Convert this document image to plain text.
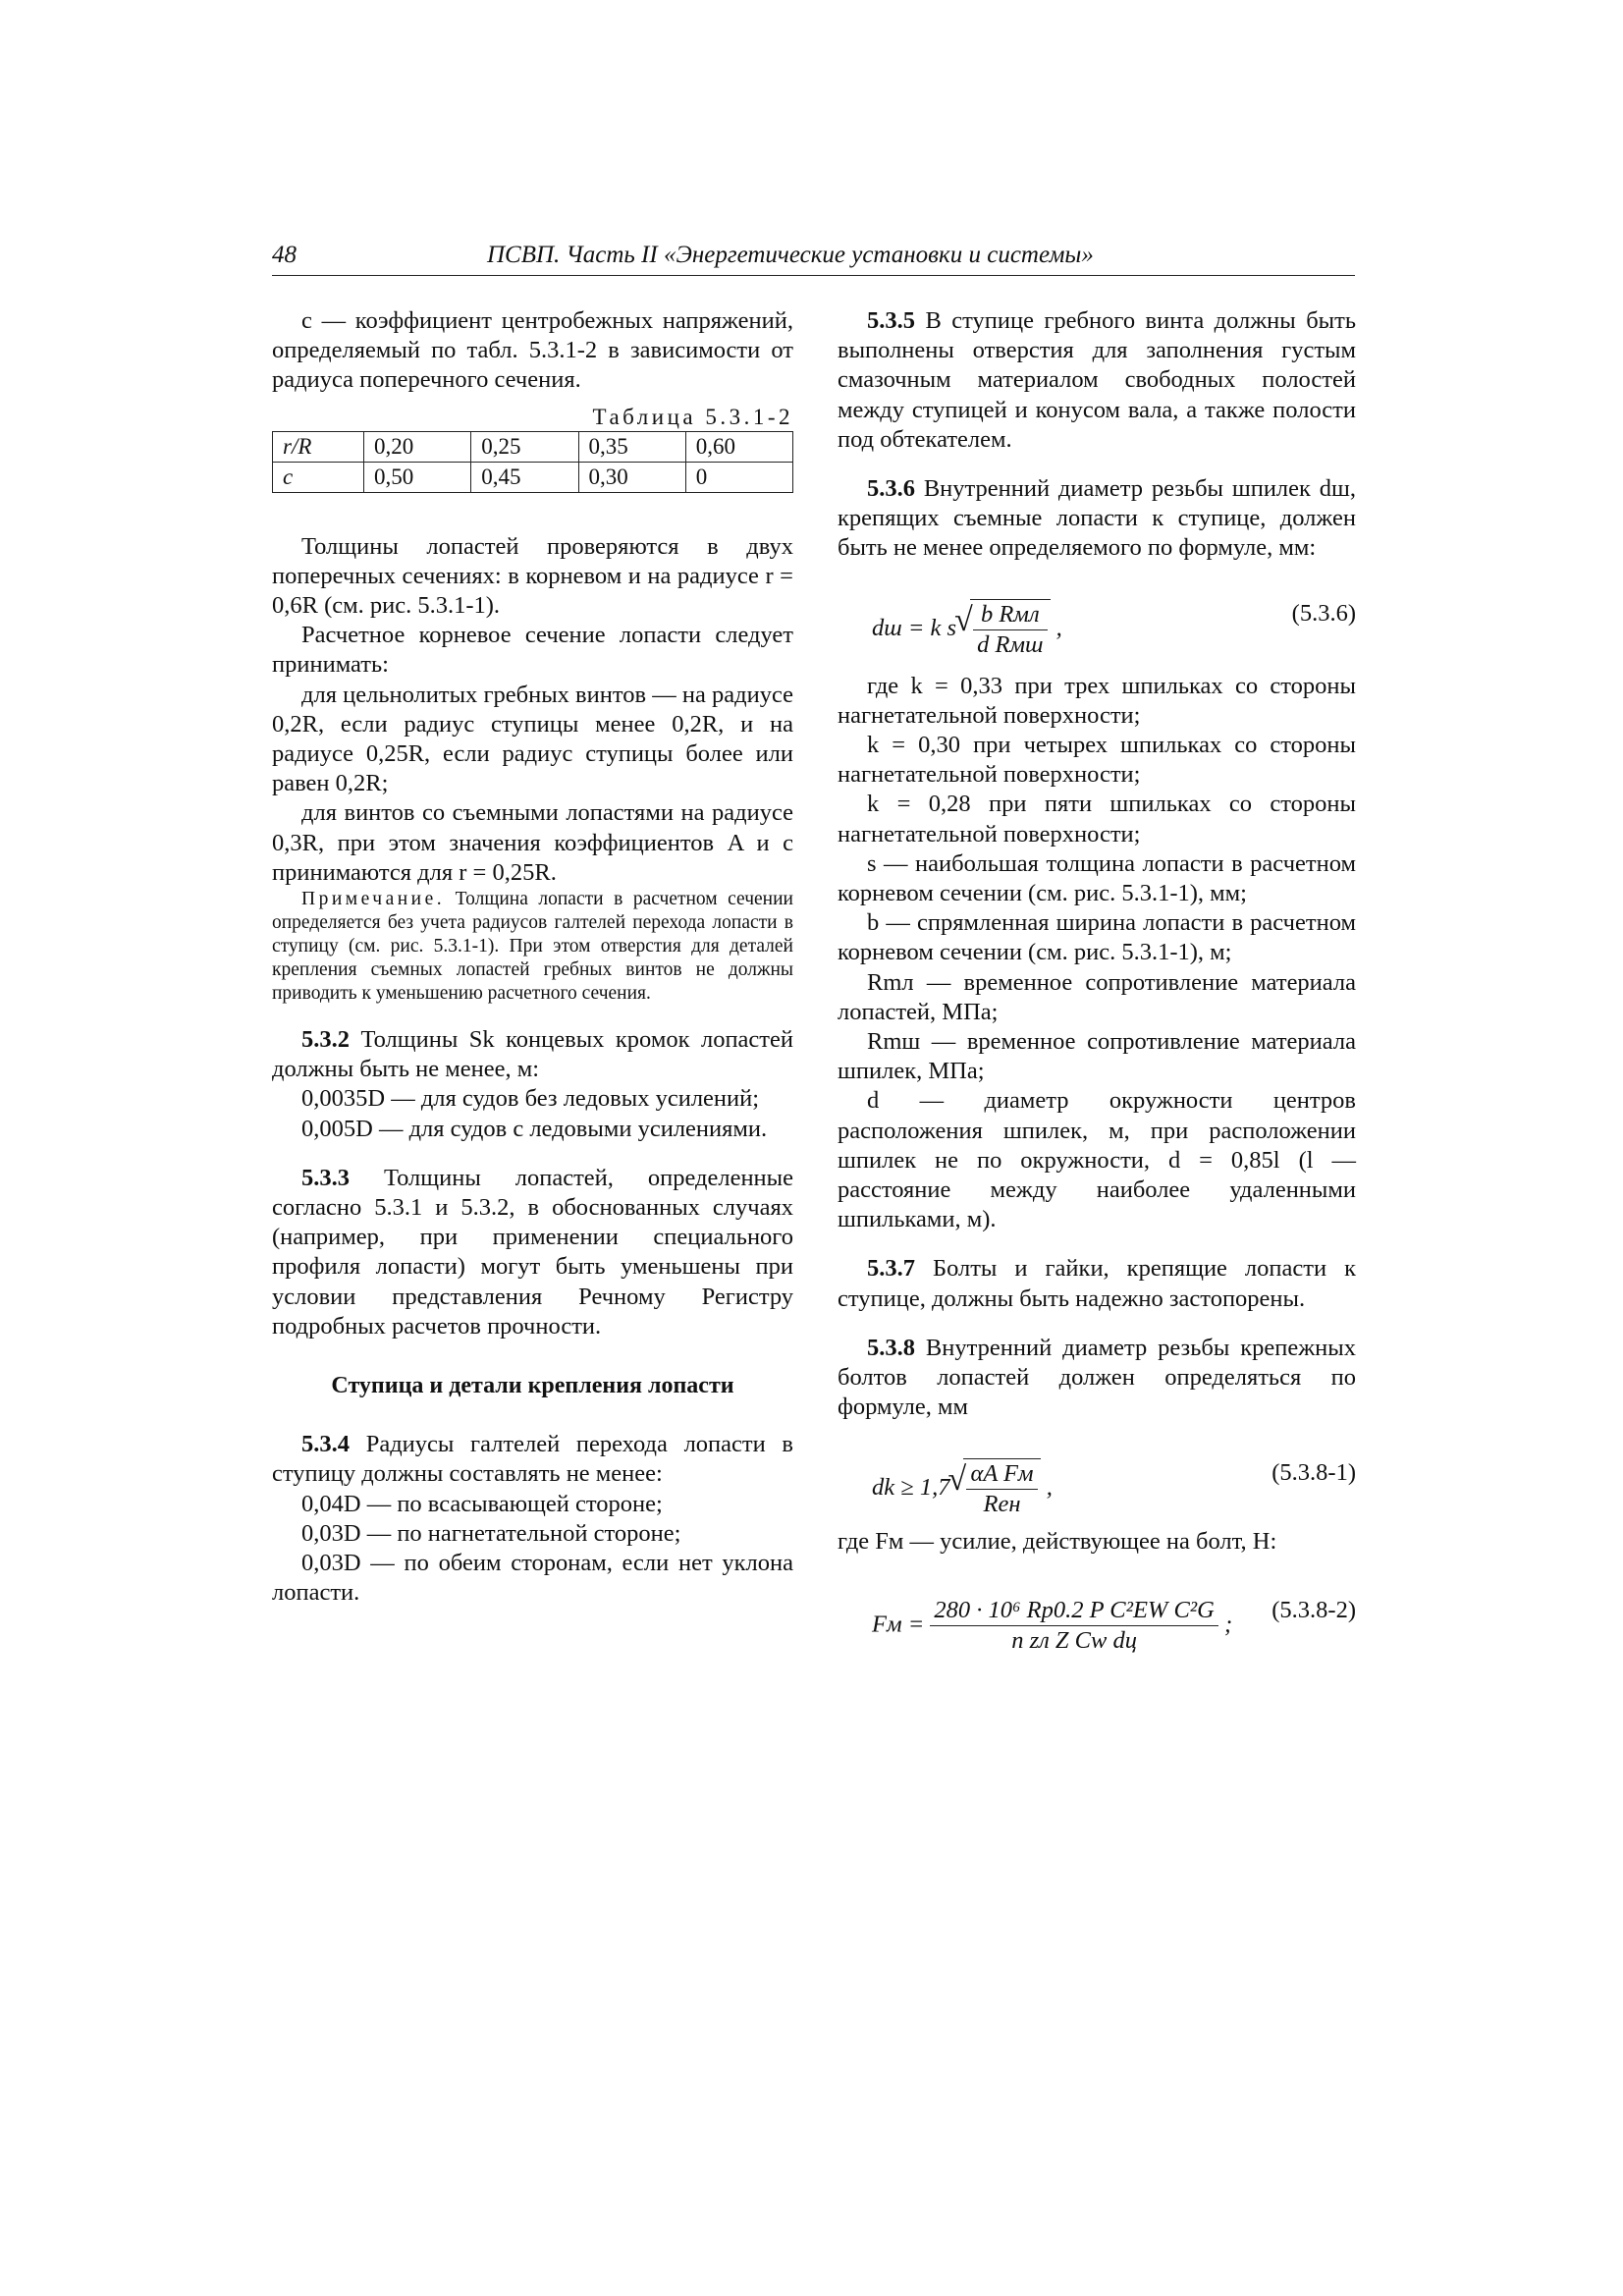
48	ПСВП. Часть II «Энергетические установки и системы»

c — коэффициент центробежных напряжений, определяемый по табл. 5.3.1-2 в зависимости от радиуса поперечного сечения.

Таблица 5.3.1-2
r/R	0,20	0,25	0,35	0,60
c	0,50	0,45	0,30	0

Толщины лопастей проверяются в двух поперечных сечениях: в корневом и на радиусе r = 0,6R (см. рис. 5.3.1-1).

Расчетное корневое сечение лопасти следует принимать:

для цельнолитых гребных винтов — на радиусе 0,2R, если радиус ступицы менее 0,2R, и на радиусе 0,25R, если радиус ступицы более или равен 0,2R;

для винтов со съемными лопастями на радиусе 0,3R, при этом значения коэффициентов A и c принимаются для r = 0,25R.

Примечание. Толщина лопасти в расчетном сечении определяется без учета радиусов галтелей перехода лопасти в ступицу (см. рис. 5.3.1-1). При этом отверстия для деталей крепления съемных лопастей гребных винтов не должны приводить к уменьшению расчетного сечения.

5.3.2 Толщины Sk концевых кромок лопастей должны быть не менее, м:

0,0035D — для судов без ледовых усилений;

0,005D — для судов с ледовыми усилениями.

5.3.3 Толщины лопастей, определенные согласно 5.3.1 и 5.3.2, в обоснованных случаях (например, при применении специального профиля лопасти) могут быть уменьшены при условии представления Речному Регистру подробных расчетов прочности.

Ступица и детали крепления лопасти

5.3.4 Радиусы галтелей перехода лопасти в ступицу должны составлять не менее:

0,04D — по всасывающей стороне;

0,03D — по нагнетательной стороне;

0,03D — по обеим сторонам, если нет уклона лопасти.

5.3.5 В ступице гребного винта должны быть выполнены отверстия для заполнения густым смазочным материалом свободных полостей между ступицей и конусом вала, а также полости под обтекателем.

5.3.6 Внутренний диаметр резьбы шпилек dш, крепящих съемные лопасти к ступице, должен быть не менее определяемого по формуле, мм:

dш = k s √ $\frac{\text{b Rмл}}{\text{d Rмш}}$ ,
(5.3.6)

где k = 0,33 при трех шпильках со стороны нагнетательной поверхности;

k = 0,30 при четырех шпильках со стороны нагнетательной поверхности;

k = 0,28 при пяти шпильках со стороны нагнетательной поверхности;

s — наибольшая толщина лопасти в расчетном корневом сечении (см. рис. 5.3.1-1), мм;

b — спрямленная ширина лопасти в расчетном корневом сечении (см. рис. 5.3.1-1), м;

Rmл — временное сопротивление материала лопастей, МПа;

Rmш — временное сопротивление материала шпилек, МПа;

d — диаметр окружности центров расположения шпилек, м, при расположении шпилек не по окружности, d = 0,85l (l — расстояние между наиболее удаленными шпильками, м).

5.3.7 Болты и гайки, крепящие лопасти к ступице, должны быть надежно застопорены.

5.3.8 Внутренний диаметр резьбы крепежных болтов лопастей должен определяться по формуле, мм

dk ≥ 1,7 √ $\frac{\text{αA Fм}}{\text{Reн}}$ ,
(5.3.8-1)

где Fм — усилие, действующее на болт, Н:

Fм = $\frac{\text{280 · 10⁶ Rp0.2 P C²EW C²G}}{\text{n zл Z Cw dц}}$ ;
(5.3.8-2)
